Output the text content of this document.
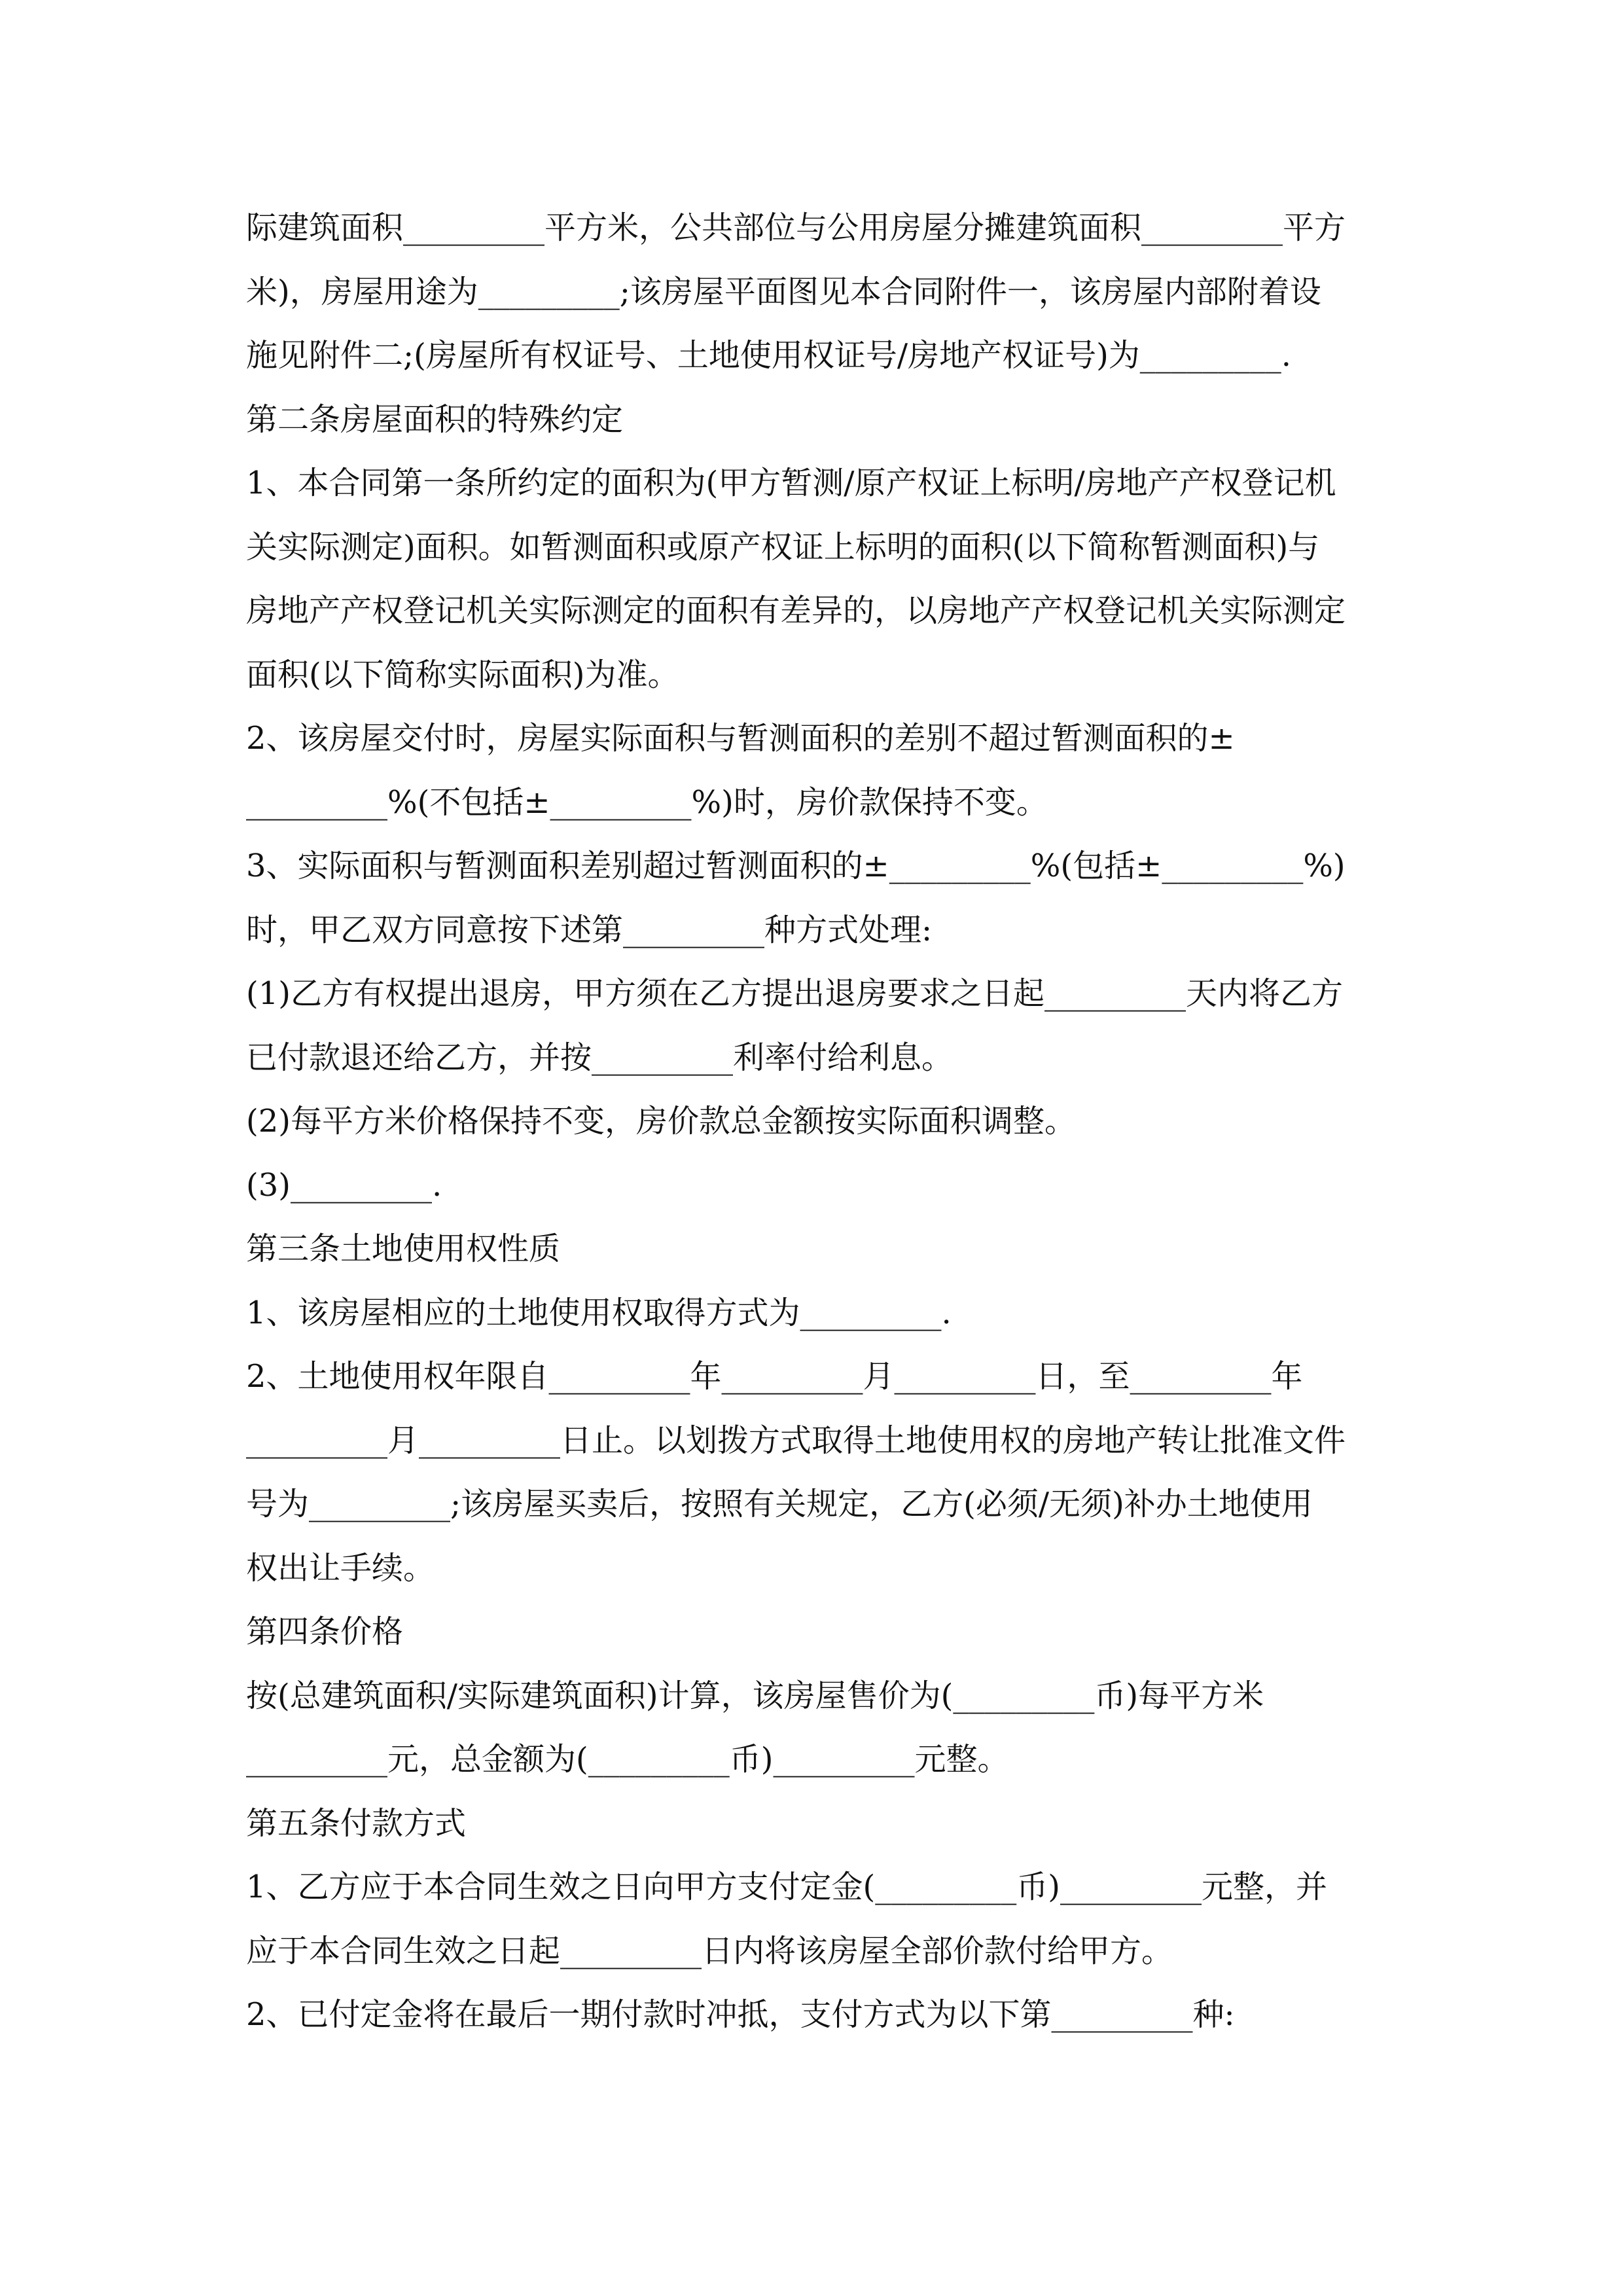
际建筑面积_________平方米，公共部位与公用房屋分摊建筑面积_________平方
米)，房屋用途为_________;该房屋平面图见本合同附件一，该房屋内部附着设
施见附件二;(房屋所有权证号、土地使用权证号/房地产权证号)为_________.
第二条房屋面积的特殊约定
1、本合同第一条所约定的面积为(甲方暂测/原产权证上标明/房地产产权登记机
关实际测定)面积。如暂测面积或原产权证上标明的面积(以下简称暂测面积)与
房地产产权登记机关实际测定的面积有差异的，以房地产产权登记机关实际测定
面积(以下简称实际面积)为准。
2、该房屋交付时，房屋实际面积与暂测面积的差别不超过暂测面积的±
_________%(不包括±_________%)时，房价款保持不变。
3、实际面积与暂测面积差别超过暂测面积的±_________%(包括±_________%)
时，甲乙双方同意按下述第_________种方式处理:
(1)乙方有权提出退房，甲方须在乙方提出退房要求之日起_________天内将乙方
已付款退还给乙方，并按_________利率付给利息。
(2)每平方米价格保持不变，房价款总金额按实际面积调整。
(3)_________.
第三条土地使用权性质
1、该房屋相应的土地使用权取得方式为_________.
2、土地使用权年限自_________年_________月_________日，至_________年
_________月_________日止。以划拨方式取得土地使用权的房地产转让批准文件
号为_________;该房屋买卖后，按照有关规定，乙方(必须/无须)补办土地使用
权出让手续。
第四条价格
按(总建筑面积/实际建筑面积)计算，该房屋售价为(_________币)每平方米
_________元，总金额为(_________币)_________元整。
第五条付款方式
1、乙方应于本合同生效之日向甲方支付定金(_________币)_________元整，并
应于本合同生效之日起_________日内将该房屋全部价款付给甲方。
2、已付定金将在最后一期付款时冲抵，支付方式为以下第_________种:
